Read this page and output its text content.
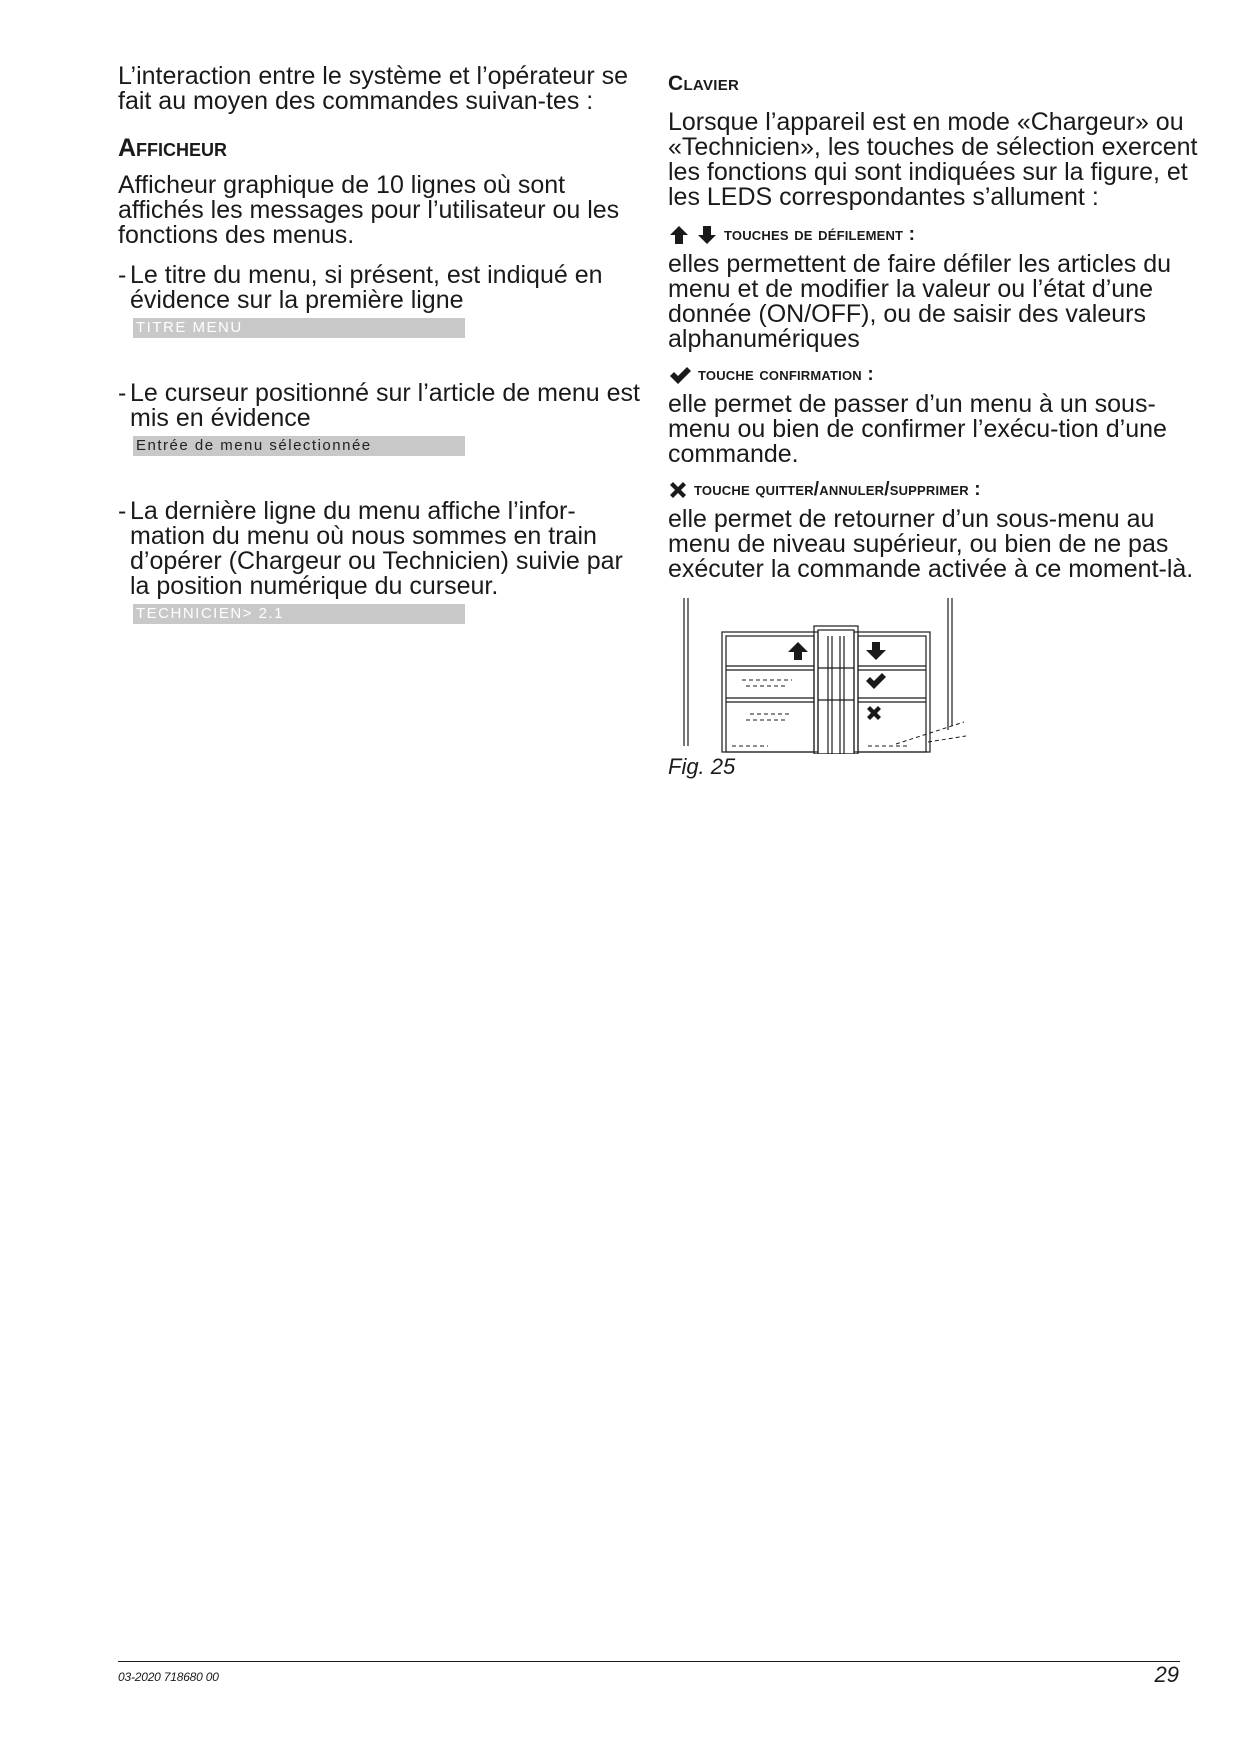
L’interaction entre le système et l’opérateur se fait au moyen des commandes suivan-tes :

Afficheur

Afficheur graphique de 10 lignes où sont affichés les messages pour l’utilisateur ou les fonctions des menus.

- Le titre du menu, si présent, est indiqué en évidence sur la première ligne
TITRE MENU
- Le curseur positionné sur l’article de menu est mis en évidence
Entrée de menu sélectionnée
- La dernière ligne du menu affiche l’infor-mation du menu où nous sommes en train d’opérer (Chargeur ou Technicien) suivie par la position numérique du curseur.
TECHNICIEN> 2.1

Clavier

Lorsque l’appareil est en mode «Chargeur» ou «Technicien», les touches de sélection exercent les fonctions qui sont indiquées sur la figure, et les LEDS correspondantes s’allument :

touches de défilement :

elles permettent de faire défiler les articles du menu et de modifier la valeur ou l’état d’une donnée (ON/OFF), ou de saisir des valeurs alphanumériques

touche confirmation :

elle permet de passer d’un menu à un sous-menu ou bien de confirmer l’exécu-tion d’une commande.

touche quitter/annuler/supprimer :

elle permet de retourner d’un sous-menu au menu de niveau supérieur, ou bien de ne pas exécuter la commande activée à ce moment-là.

Fig. 25

03-2020 718680 00	29
